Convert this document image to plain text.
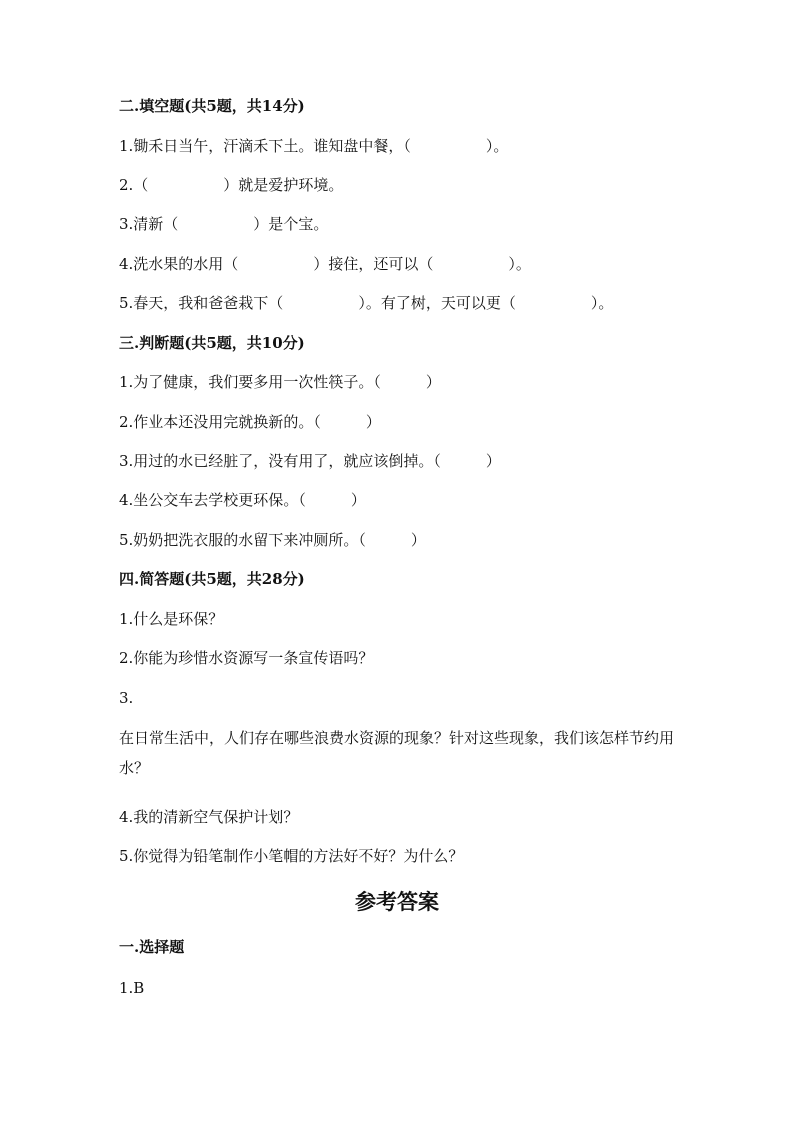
二.填空题(共5题，共14分)
1.锄禾日当午，汗滴禾下土。谁知盘中餐，（　　　　　）。
2.（　　　　　）就是爱护环境。
3.清新（　　　　　）是个宝。
4.洗水果的水用（　　　　　）接住，还可以（　　　　　）。
5.春天，我和爸爸栽下（　　　　　）。有了树，天可以更（　　　　　）。
三.判断题(共5题，共10分)
1.为了健康，我们要多用一次性筷子。（　　　）
2.作业本还没用完就换新的。（　　　）
3.用过的水已经脏了，没有用了，就应该倒掉。（　　　）
4.坐公交车去学校更环保。（　　　）
5.奶奶把洗衣服的水留下来冲厕所。（　　　）
四.简答题(共5题，共28分)
1.什么是环保？
2.你能为珍惜水资源写一条宣传语吗？
3.
在日常生活中，人们存在哪些浪费水资源的现象？针对这些现象，我们该怎样节约用水？
4.我的清新空气保护计划？
5.你觉得为铅笔制作小笔帽的方法好不好？为什么？
参考答案
一.选择题
1.B
